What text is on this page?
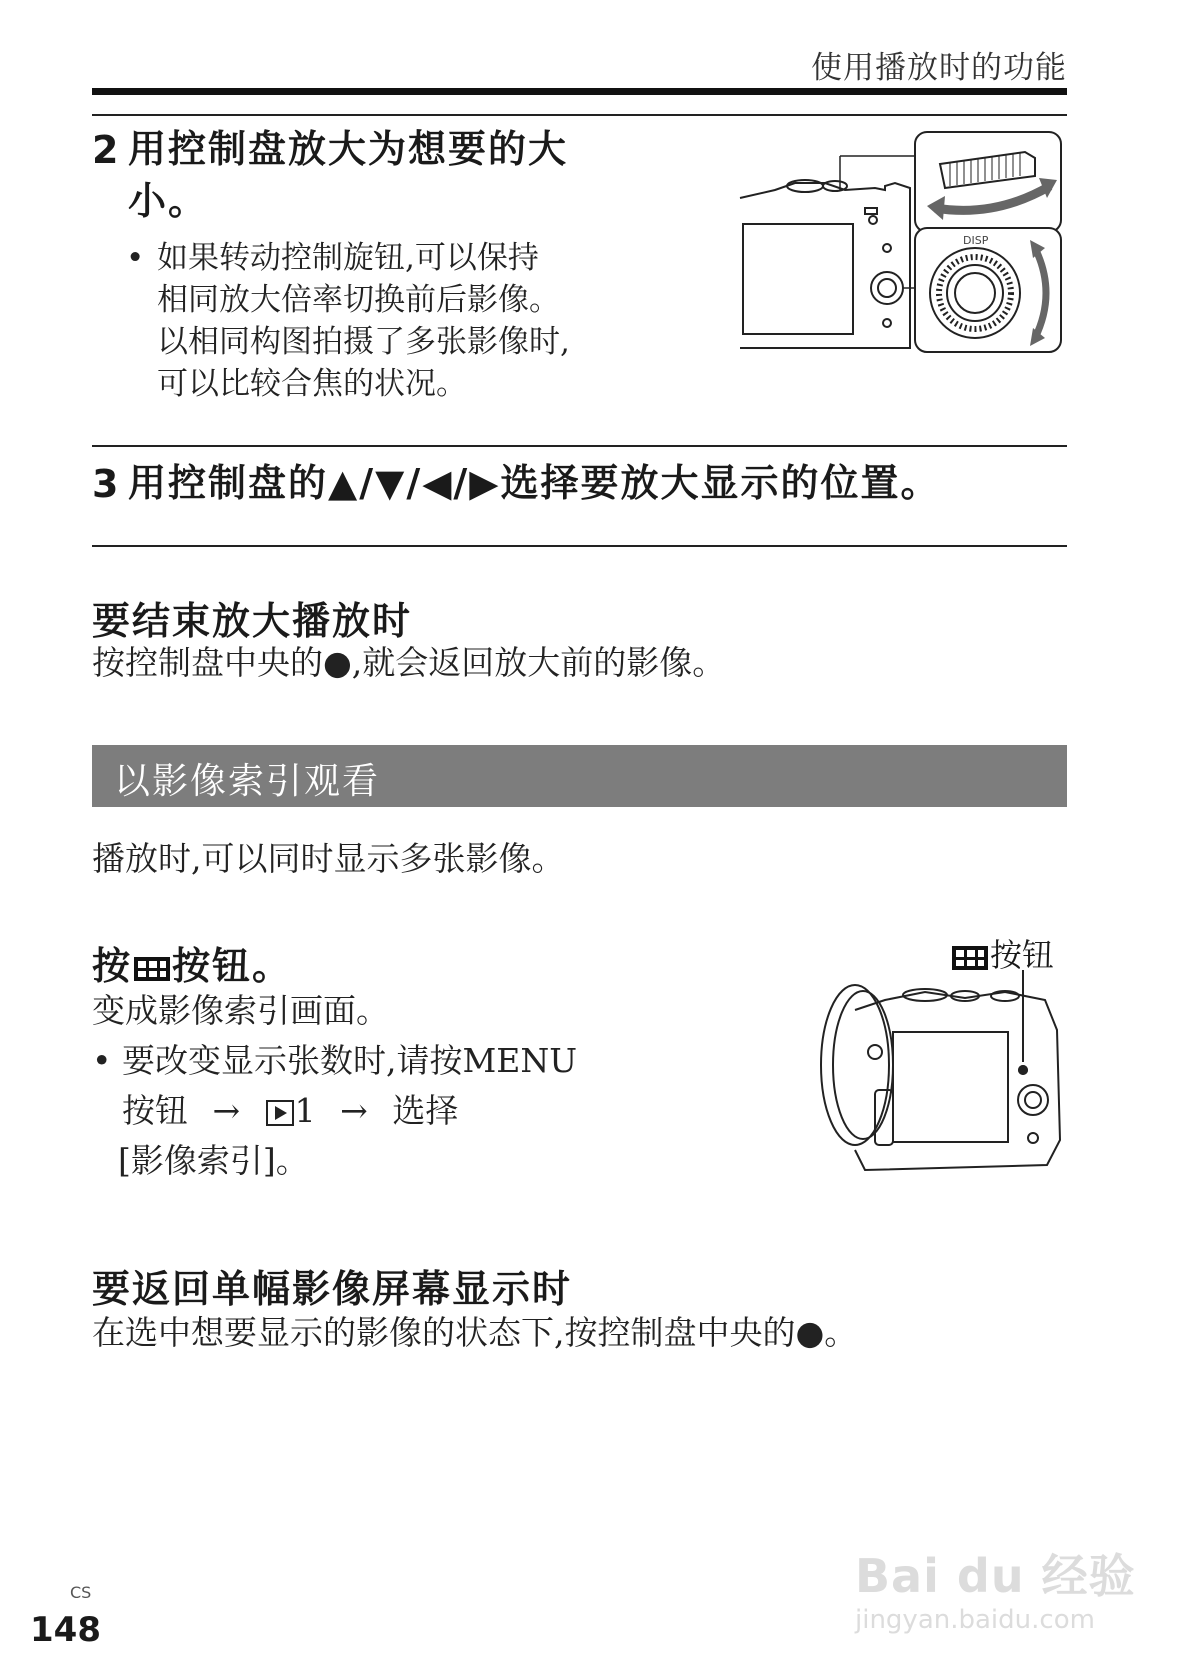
使用播放时的功能
2 用控制盘放大为想要的大
小。
• 如果转动控制旋钮,可以保持
相同放大倍率切换前后影像。
以相同构图拍摄了多张影像时,
可以比较合焦的状况。
DISP
3 用控制盘的▲/▼/◀/▶选择要放大显示的位置。
要结束放大播放时
按控制盘中央的●,就会返回放大前的影像。
以影像索引观看
播放时,可以同时显示多张影像。
按 按钮。
变成影像索引画面。
• 要改变显示张数时,请按MENU
按钮 → 1 → 选择
[影像索引]。
按钮
要返回单幅影像屏幕显示时
在选中想要显示的影像的状态下,按控制盘中央的●。
CS
148
Bai du 经验
jingyan.baidu.com
